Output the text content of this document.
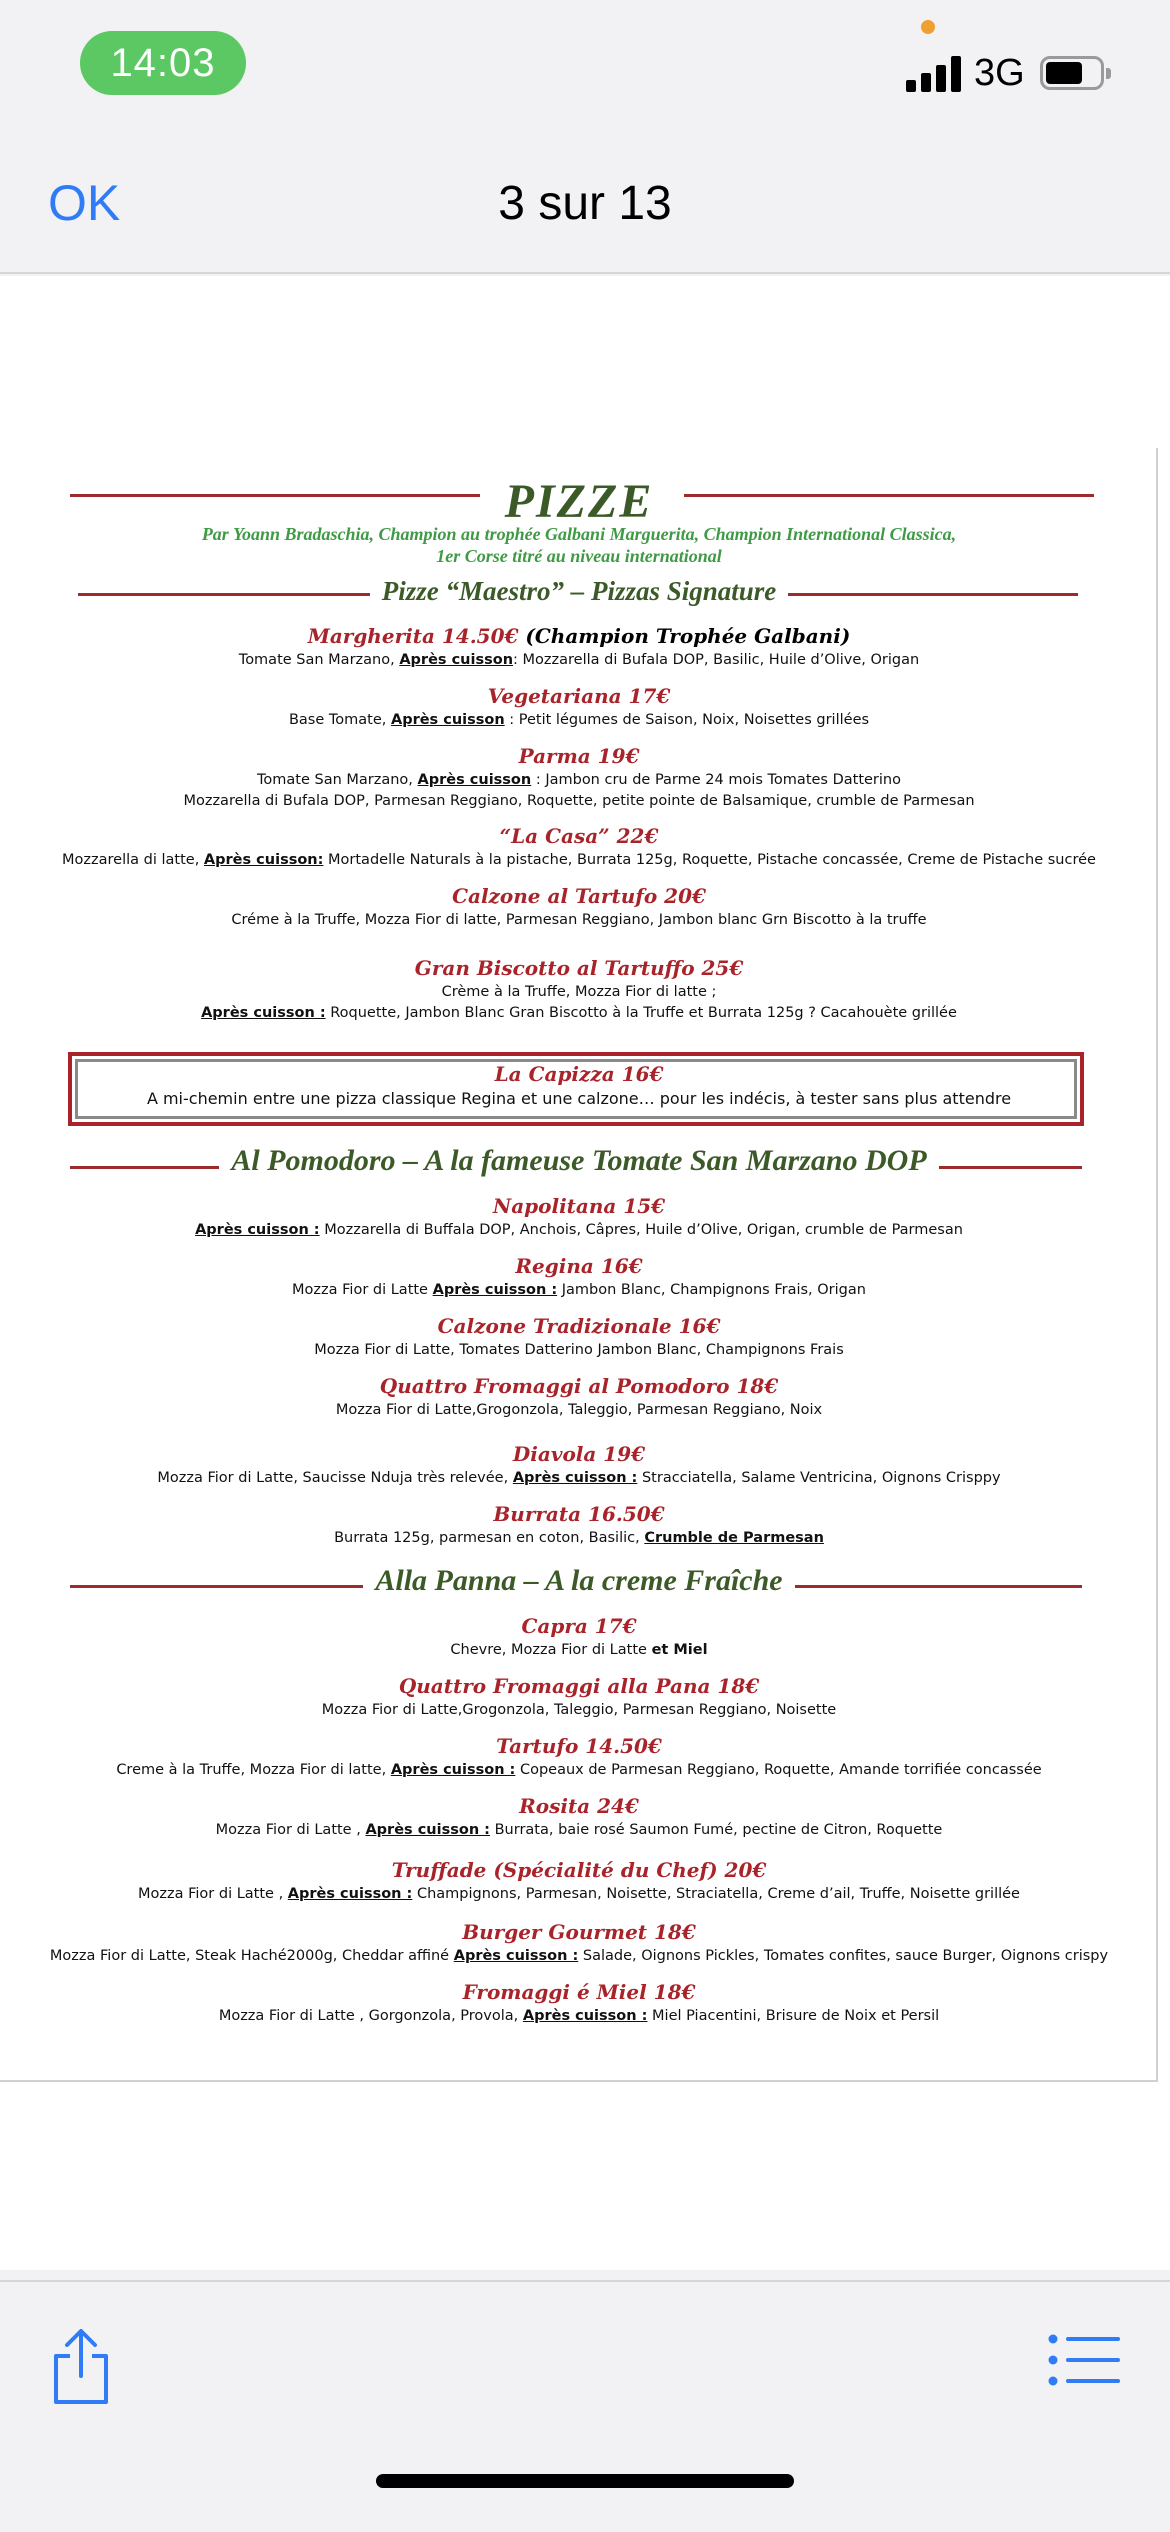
14:03	3G
OK	3 sur 13
PIZZE
Par Yoann Bradaschia, Champion au trophée Galbani Marguerita, Champion International Classica,
1er Corse titré au niveau international
Pizze “Maestro” – Pizzas Signature
Margherita 14.50€ (Champion Trophée Galbani)
Tomate San Marzano, Après cuisson: Mozzarella di Bufala DOP, Basilic, Huile d’Olive, Origan
Vegetariana 17€
Base Tomate, Après cuisson : Petit légumes de Saison, Noix, Noisettes grillées
Parma 19€
Tomate San Marzano, Après cuisson : Jambon cru de Parme 24 mois Tomates Datterino
Mozzarella di Bufala DOP, Parmesan Reggiano, Roquette, petite pointe de Balsamique, crumble de Parmesan
“La Casa” 22€
Mozzarella di latte, Après cuisson: Mortadelle Naturals à la pistache, Burrata 125g, Roquette, Pistache concassée, Creme de Pistache sucrée
Calzone al Tartufo 20€
Créme à la Truffe, Mozza Fior di latte, Parmesan Reggiano, Jambon blanc Grn Biscotto à la truffe
Gran Biscotto al Tartuffo 25€
Crème à la Truffe, Mozza Fior di latte ;
Après cuisson : Roquette, Jambon Blanc Gran Biscotto à la Truffe et Burrata 125g ? Cacahouète grillée
La Capizza 16€
A mi-chemin entre une pizza classique Regina et une calzone… pour les indécis, à tester sans plus attendre
Al Pomodoro – A la fameuse Tomate San Marzano DOP
Napolitana 15€
Après cuisson : Mozzarella di Buffala DOP, Anchois, Câpres, Huile d’Olive, Origan, crumble de Parmesan
Regina 16€
Mozza Fior di Latte Après cuisson : Jambon Blanc, Champignons Frais, Origan
Calzone Tradizionale 16€
Mozza Fior di Latte, Tomates Datterino Jambon Blanc, Champignons Frais
Quattro Fromaggi al Pomodoro 18€
Mozza Fior di Latte,Grogonzola, Taleggio, Parmesan Reggiano, Noix
Diavola 19€
Mozza Fior di Latte, Saucisse Nduja très relevée, Après cuisson : Stracciatella, Salame Ventricina, Oignons Crisppy
Burrata 16.50€
Burrata 125g, parmesan en coton, Basilic, Crumble de Parmesan
Alla Panna – A la creme Fraîche
Capra 17€
Chevre, Mozza Fior di Latte et Miel
Quattro Fromaggi alla Pana 18€
Mozza Fior di Latte,Grogonzola, Taleggio, Parmesan Reggiano, Noisette
Tartufo 14.50€
Creme à la Truffe, Mozza Fior di latte, Après cuisson : Copeaux de Parmesan Reggiano, Roquette, Amande torrifiée concassée
Rosita 24€
Mozza Fior di Latte , Après cuisson : Burrata, baie rosé Saumon Fumé, pectine de Citron, Roquette
Truffade (Spécialité du Chef) 20€
Mozza Fior di Latte , Après cuisson : Champignons, Parmesan, Noisette, Straciatella, Creme d’ail, Truffe, Noisette grillée
Burger Gourmet 18€
Mozza Fior di Latte, Steak Haché2000g, Cheddar affiné Après cuisson : Salade, Oignons Pickles, Tomates confites, sauce Burger, Oignons crispy
Fromaggi é Miel 18€
Mozza Fior di Latte , Gorgonzola, Provola, Après cuisson : Miel Piacentini, Brisure de Noix et Persil
